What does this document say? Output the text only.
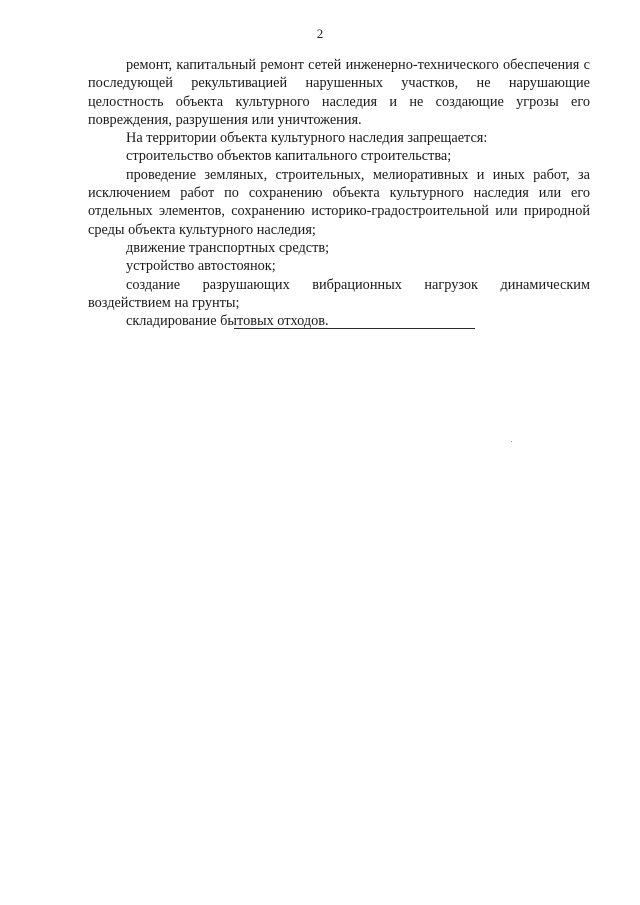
2

ремонт, капитальный ремонт сетей инженерно-технического обеспечения с последующей рекультивацией нарушенных участков, не нарушающие целостность объекта культурного наследия и не создающие угрозы его повреждения, разрушения или уничтожения.

На территории объекта культурного наследия запрещается:

строительство объектов капитального строительства;

проведение земляных, строительных, мелиоративных и иных работ, за исключением работ по сохранению объекта культурного наследия или его отдельных элементов, сохранению историко-градостроительной или природной среды объекта культурного наследия;

движение транспортных средств;

устройство автостоянок;

создание разрушающих вибрационных нагрузок динамическим воздействием на грунты;

складирование бытовых отходов.
